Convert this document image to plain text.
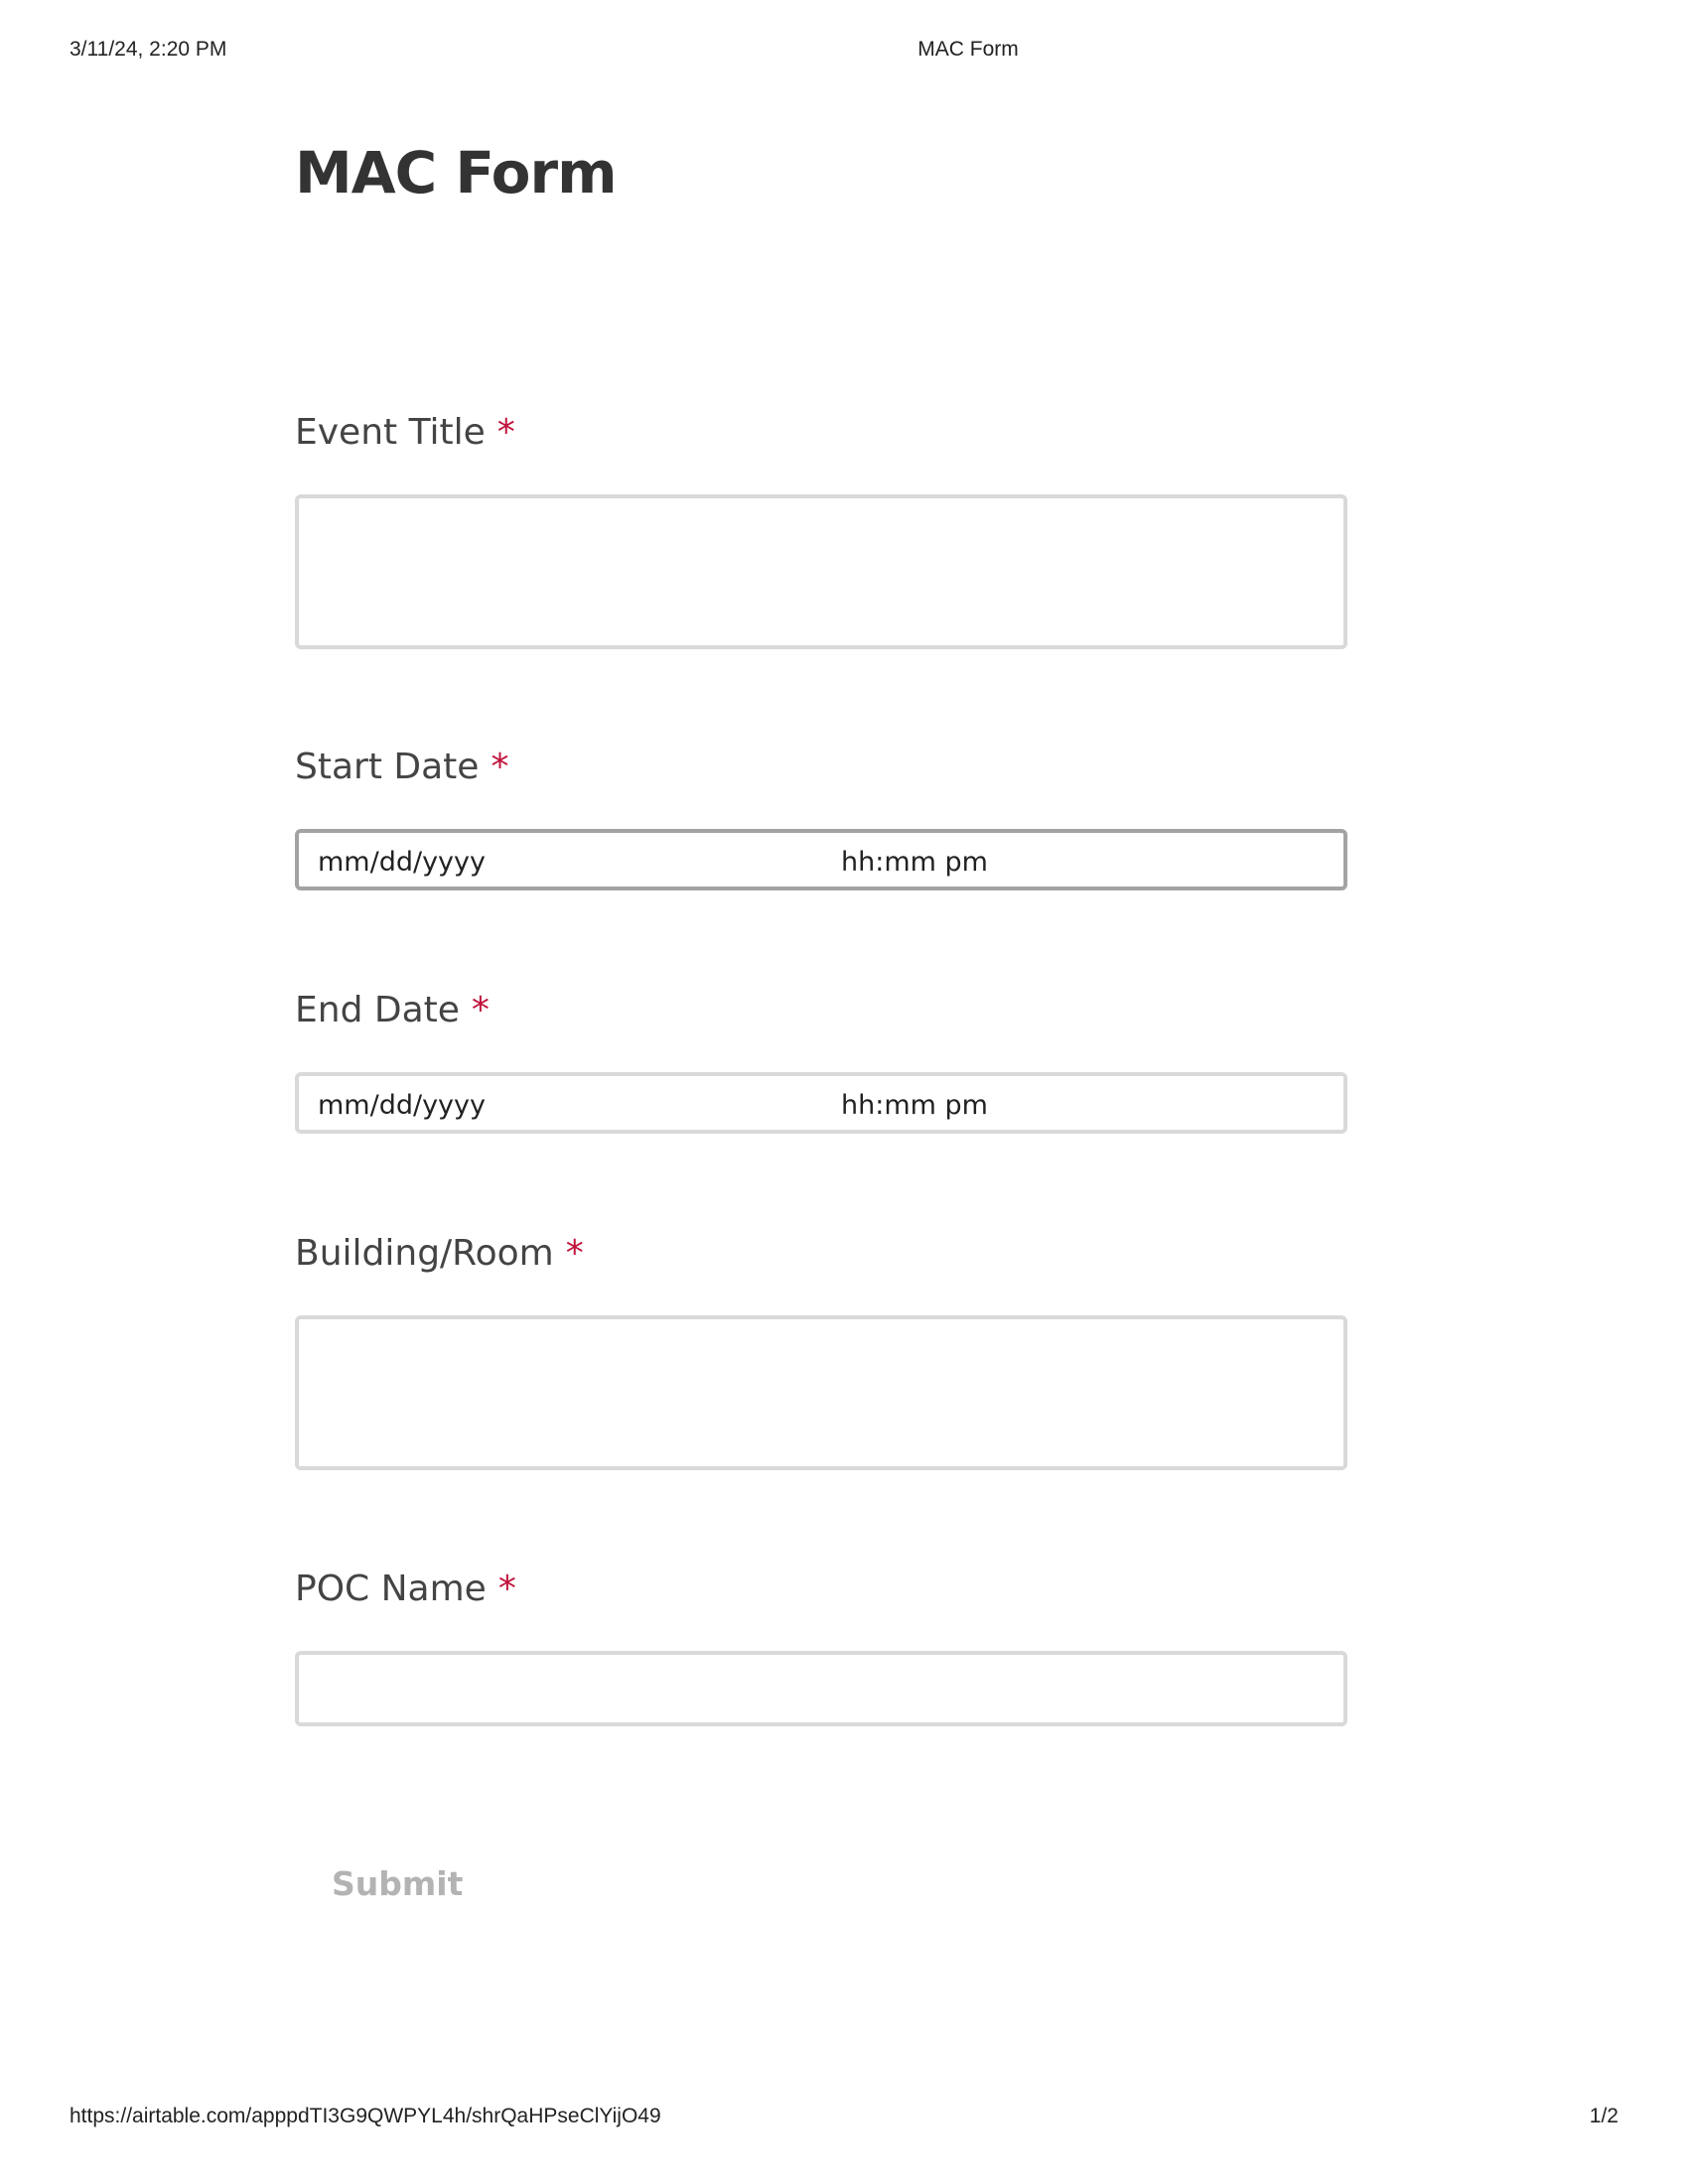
3/11/24, 2:20 PM	MAC Form
MAC Form
Event Title *
Start Date *
mm/dd/yyyy	hh:mm pm
End Date *
mm/dd/yyyy	hh:mm pm
Building/Room *
POC Name *
Submit
https://airtable.com/apppdTI3G9QWPYL4h/shrQaHPseClYijO49	1/2
